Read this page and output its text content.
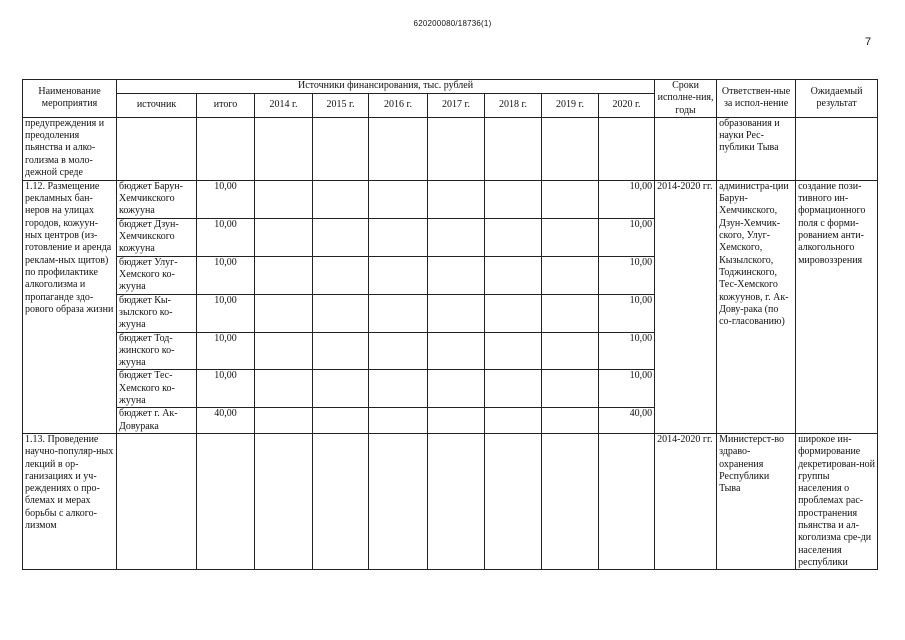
620200080/18736(1)
7
Наименование мероприятия	Источники финансирования, тыс. рублей									Сроки исполне-ния, годы	Ответствен-ные за испол-нение	Ожидаемый результат
	источник	итого	2014 г.	2015 г.	2016 г.	2017 г.	2018 г.	2019 г.	2020 г.			
предупреждения и преодоления пьянства и алко-голизма в моло-дежной среде											образования и науки Рес-публики Тыва	
1.12. Размещение рекламных бан-неров на улицах городов, кожуун-ных центров (из-готовление и аренда реклам-ных щитов) по профилактике алкоголизма и пропаганде здо-рового образа жизни	бюджет Барун-Хемчикского кожууна	10,00							10,00	2014-2020 гг.	администра-ции Барун-Хемчикского, Дзун-Хемчик-ского, Улуг-Хемского, Кызылского, Тоджинского, Тес-Хемского кожуунов, г. Ак-Дову-рака (по со-гласованию)	создание пози-тивного ин-формационного поля с форми-рованием анти-алкогольного мировоззрения
	бюджет Дзун-Хемчикского кожууна	10,00							10,00			
	бюджет Улуг-Хемского ко-жууна	10,00							10,00			
	бюджет Кы-зылского ко-жууна	10,00							10,00			
	бюджет Тод-жинского ко-жууна	10,00							10,00			
	бюджет Тес-Хемского ко-жууна	10,00							10,00			
	бюджет г. Ак-Довурака	40,00							40,00			
1.13. Проведение научно-популяр-ных лекций в ор-ганизациях и уч-реждениях о про-блемах и мерах борьбы с алкого-лизмом										2014-2020 гг.	Министерст-во здраво-охранения Республики Тыва	широкое ин-формирование декретирован-ной группы населения о проблемах рас-пространения пьянства и ал-коголизма сре-ди населения республики
